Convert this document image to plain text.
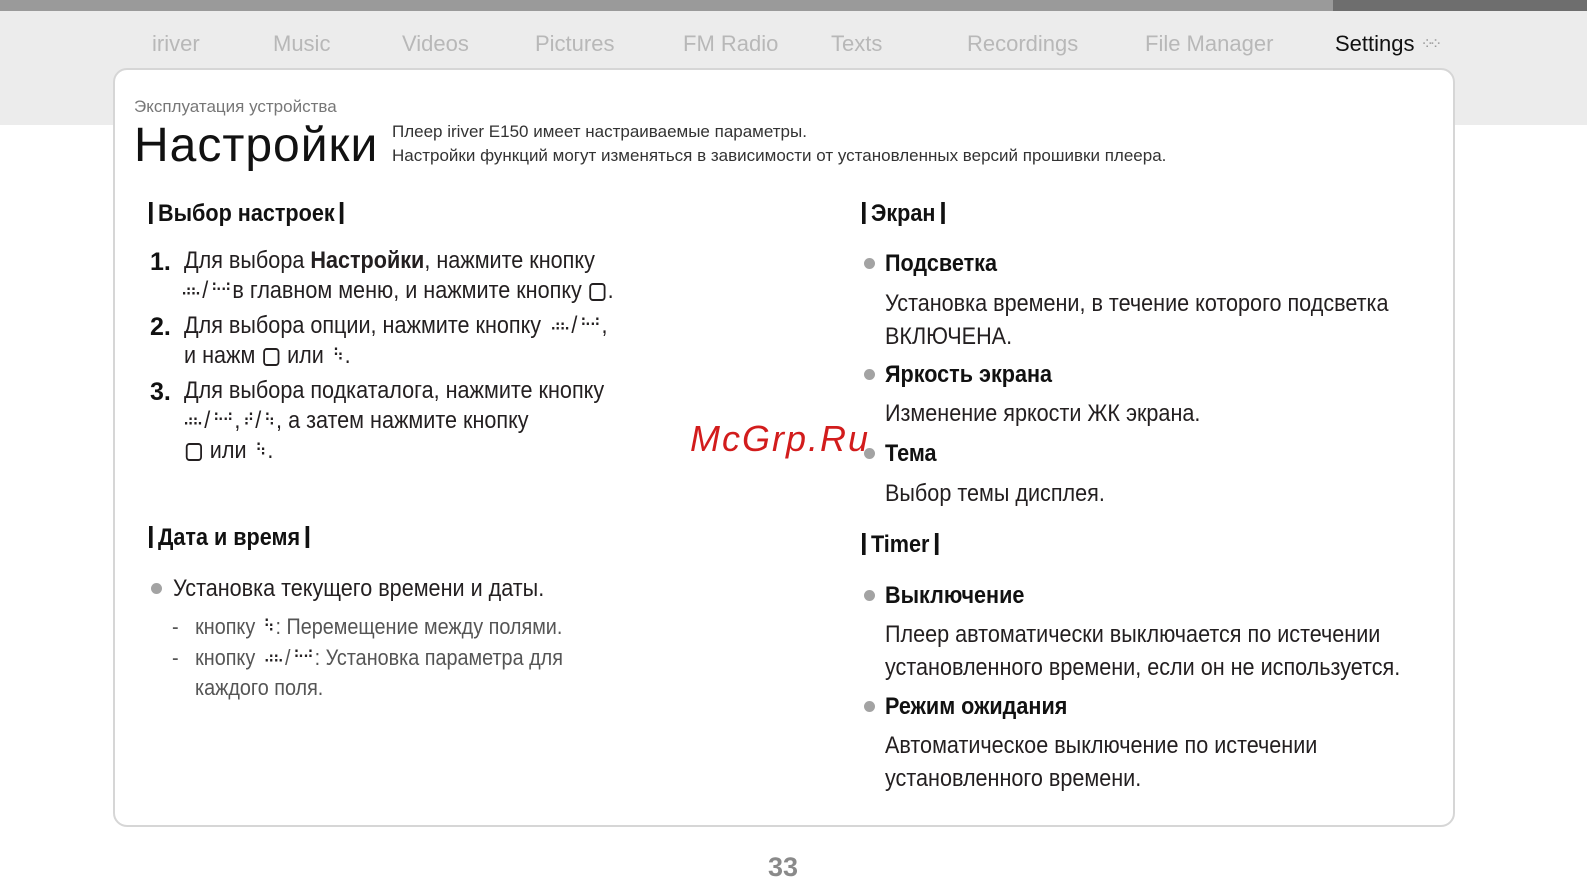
iriver	Music	Videos	Pictures	FM Radio Texts	Recordings	File Manager	Settings ⁘⁘
Эксплуатация устройства
Настройки Плеер iriver E150 имеет настраиваемые параметры.
Настройки функций могут изменяться в зависимости от установленных версий прошивки плеера.
Выбор настроек
1. Для выбора Настройки, нажмите кнопку
⠴⠦ / ⠓⠚ в главном меню, и нажмите кнопку .
2. Для выбора опции, нажмите кнопку ⠴⠦ / ⠓⠚ ,
и нажм или ⠳ .
3. Для выбора подкаталога, нажмите кнопку
⠴⠦ / ⠓⠚ , ⠞ / ⠳ , а затем нажмите кнопку
или ⠳ .
Дата и время
Установка текущего времени и даты.
-   кнопку ⠳ : Перемещение между полями.
-   кнопку ⠴⠦ / ⠓⠚ : Установка параметра для
каждого поля.
Экран
Подсветка
Установка времени, в течение которого подсветка
ВКЛЮЧЕНА.
Яркость экрана
Изменение яркости ЖК экрана.
Тема
Выбор темы дисплея.
Timer
Выключение
Плеер автоматически выключается по истечении
установленного времени, если он не используется.
Режим ожидания
Автоматическое выключение по истечении
установленного времени.
McGrp.Ru
33
